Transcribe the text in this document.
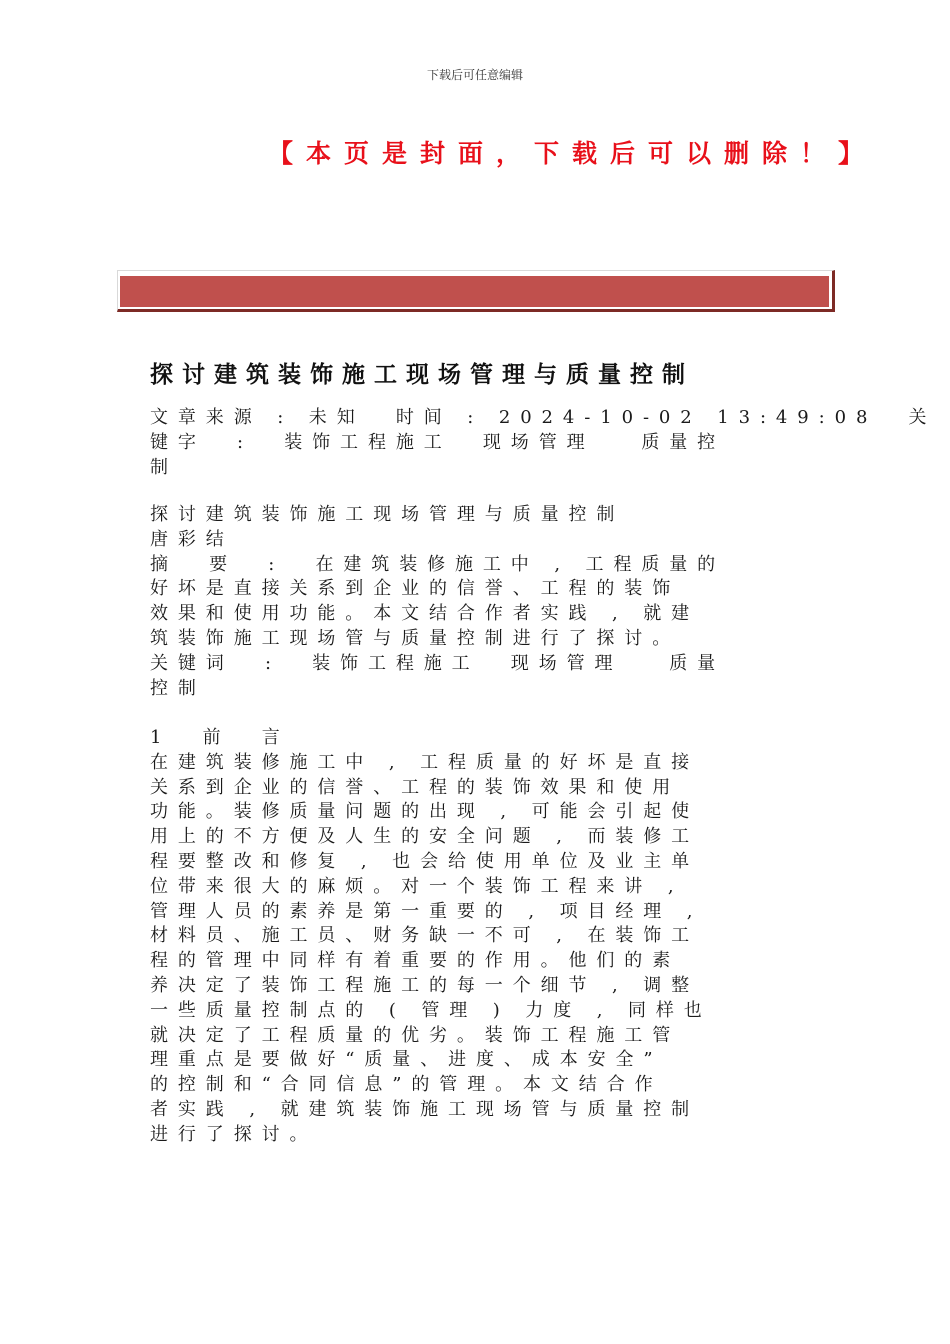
下载后可任意编辑
【本页是封面，下载后可以删除！】
探讨建筑装饰施工现场管理与质量控制
文章来源 : 未知  时间 : 2024-10-02 13:49:08  关
键字  :  装饰工程施工  现场管理   质量控
制
探讨建筑装饰施工现场管理与质量控制
唐彩结
摘  要  :  在建筑装修施工中 , 工程质量的
好坏是直接关系到企业的信誉、工程的装饰
效果和使用功能。本文结合作者实践 , 就建
筑装饰施工现场管与质量控制进行了探讨。
关键词  :  装饰工程施工  现场管理   质量
控制
1  前  言
在建筑装修施工中 , 工程质量的好坏是直接
关系到企业的信誉、工程的装饰效果和使用
功能。装修质量问题的出现 , 可能会引起使
用上的不方便及人生的安全问题 , 而装修工
程要整改和修复 , 也会给使用单位及业主单
位带来很大的麻烦。对一个装饰工程来讲 ,
管理人员的素养是第一重要的 , 项目经理 ,
材料员、施工员、财务缺一不可 , 在装饰工
程的管理中同样有着重要的作用。他们的素
养决定了装饰工程施工的每一个细节 , 调整
一些质量控制点的 ( 管理 ) 力度 , 同样也
就决定了工程质量的优劣。装饰工程施工管
理重点是要做好“质量、进度、成本安全”
的控制和“合同信息”的管理。本文结合作
者实践 , 就建筑装饰施工现场管与质量控制
进行了探讨。
